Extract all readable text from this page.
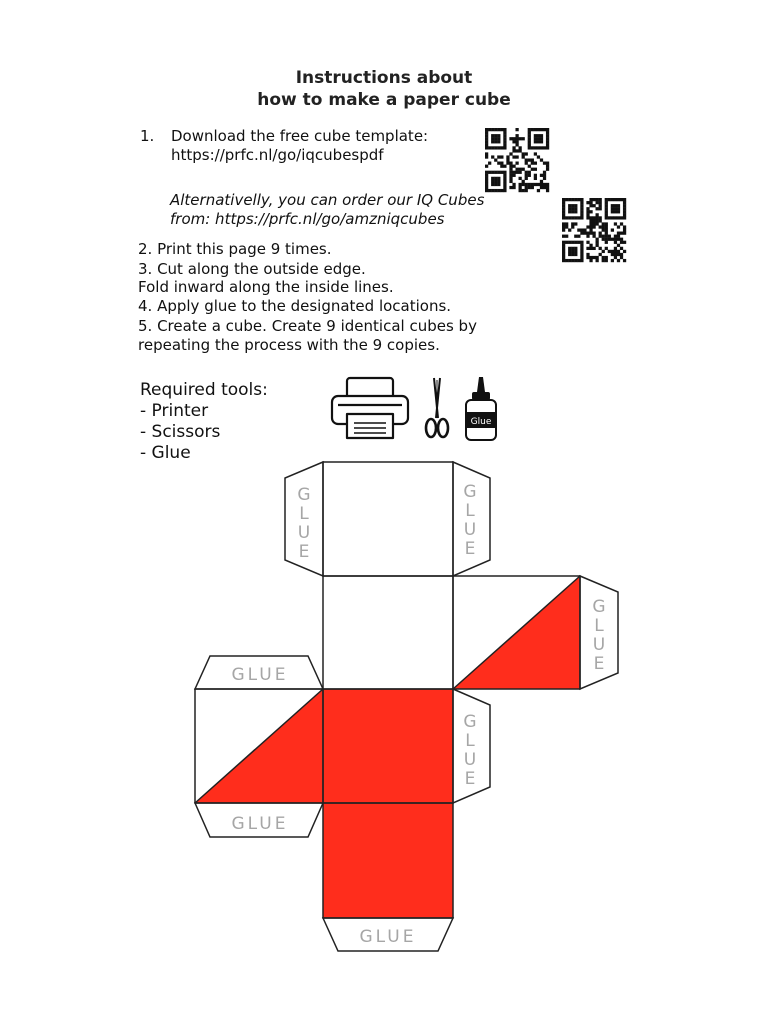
Instructions about
how to make a paper cube
1. Download the free cube template:
https://prfc.nl/go/iqcubespdf
Alternativelly, you can order our IQ Cubes
from: https://prfc.nl/go/amzniqcubes
2. Print this page 9 times.
3. Cut along the outside edge.
Fold inward along the inside lines.
4. Apply glue to the designated locations.
5. Create a cube. Create 9 identical cubes by
repeating the process with the 9 copies.
Required tools:
- Printer
- Scissors
- Glue
Glue
GLUE
GLUE
GLUE
G
L
U
E
G
L
U
E
G
L
U
E
G
L
U
E
